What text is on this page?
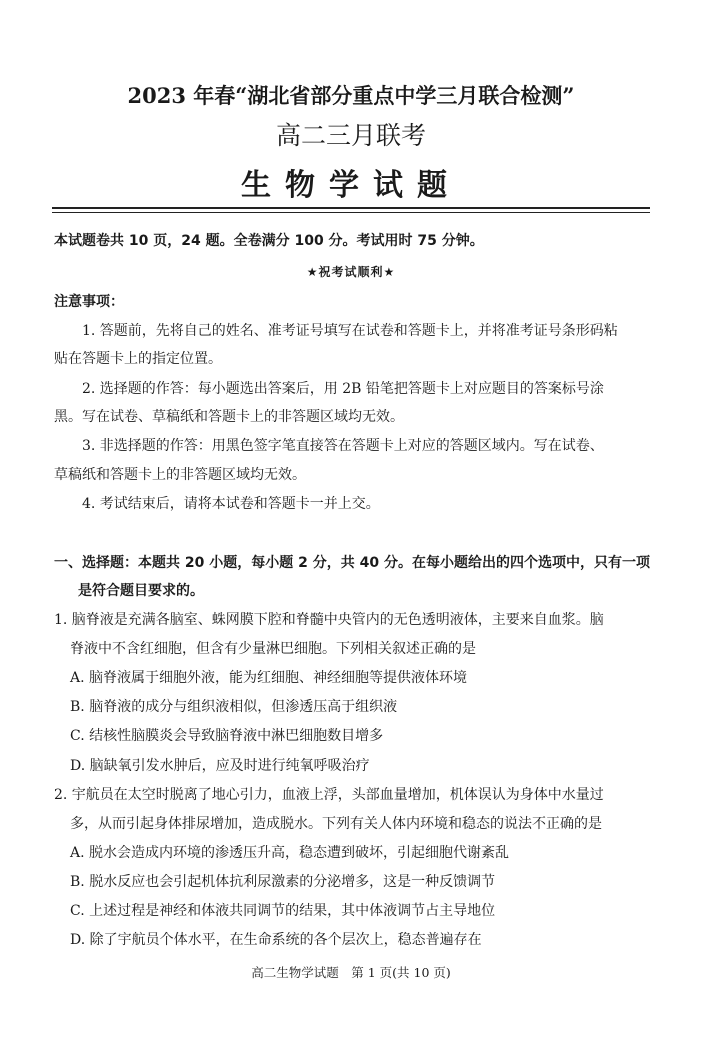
2023 年春“湖北省部分重点中学三月联合检测”
高二三月联考
生物学试题
本试题卷共 10 页，24 题。全卷满分 100 分。考试用时 75 分钟。
★祝考试顺利★
注意事项：
1. 答题前，先将自己的姓名、准考证号填写在试卷和答题卡上，并将准考证号条形码粘
贴在答题卡上的指定位置。
2. 选择题的作答：每小题选出答案后，用 2B 铅笔把答题卡上对应题目的答案标号涂
黑。写在试卷、草稿纸和答题卡上的非答题区域均无效。
3. 非选择题的作答：用黑色签字笔直接答在答题卡上对应的答题区域内。写在试卷、
草稿纸和答题卡上的非答题区域均无效。
4. 考试结束后，请将本试卷和答题卡一并上交。
一、选择题：本题共 20 小题，每小题 2 分，共 40 分。在每小题给出的四个选项中，只有一项
是符合题目要求的。
1. 脑脊液是充满各脑室、蛛网膜下腔和脊髓中央管内的无色透明液体，主要来自血浆。脑
脊液中不含红细胞，但含有少量淋巴细胞。下列相关叙述正确的是
A. 脑脊液属于细胞外液，能为红细胞、神经细胞等提供液体环境
B. 脑脊液的成分与组织液相似，但渗透压高于组织液
C. 结核性脑膜炎会导致脑脊液中淋巴细胞数目增多
D. 脑缺氧引发水肿后，应及时进行纯氧呼吸治疗
2. 宇航员在太空时脱离了地心引力，血液上浮，头部血量增加，机体误认为身体中水量过
多，从而引起身体排尿增加，造成脱水。下列有关人体内环境和稳态的说法不正确的是
A. 脱水会造成内环境的渗透压升高，稳态遭到破坏，引起细胞代谢紊乱
B. 脱水反应也会引起机体抗利尿激素的分泌增多，这是一种反馈调节
C. 上述过程是神经和体液共同调节的结果，其中体液调节占主导地位
D. 除了宇航员个体水平，在生命系统的各个层次上，稳态普遍存在
高二生物学试题　第 1 页(共 10 页)
